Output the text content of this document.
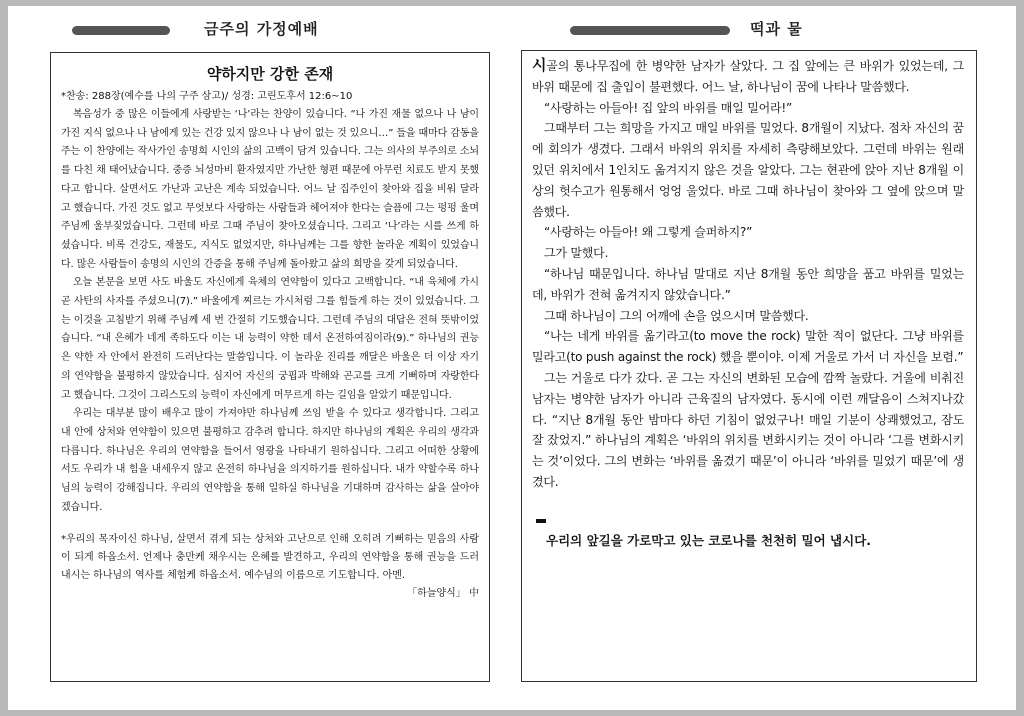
금주의 가정예배	떡과 물
약하지만 강한 존재
*찬송: 288장(예수를 나의 구주 삼고)/ 성경: 고린도후서 12:6~10

복음성가 중 많은 이들에게 사랑받는 ‘나’라는 찬양이 있습니다. “나 가진 재물 없으나 나 남이 가진 지식 없으나 나 남에게 있는 건강 있지 않으나 나 남이 없는 것 있으니…” 들을 때마다 감동을 주는 이 찬양에는 작사가인 송명희 시인의 삶의 고백이 담겨 있습니다. 그는 의사의 부주의로 소뇌를 다친 채 태어났습니다. 중증 뇌성마비 환자였지만 가난한 형편 때문에 아무런 치료도 받지 못했다고 합니다. 살면서도 가난과 고난은 계속 되었습니다. 어느 날 집주인이 찾아와 집을 비워 달라고 했습니다. 가진 것도 없고 무엇보다 사랑하는 사람들과 헤어져야 한다는 슬픔에 그는 펑펑 울며 주님께 울부짖었습니다. 그런데 바로 그때 주님이 찾아오셨습니다. 그리고 ‘나’라는 시를 쓰게 하셨습니다. 비록 건강도, 재물도, 지식도 없었지만, 하나님께는 그를 향한 놀라운 계획이 있었습니다. 많은 사람들이 송명의 시인의 간증을 통해 주님께 돌아왔고 삶의 희망을 갖게 되었습니다.

오늘 본문을 보면 사도 바울도 자신에게 육체의 연약함이 있다고 고백합니다. “내 육체에 가시 곧 사탄의 사자를 주셨으니(7).” 바울에게 찌르는 가시처럼 그를 힘들게 하는 것이 있었습니다. 그는 이것을 고침받기 위해 주님께 세 번 간절히 기도했습니다. 그런데 주님의 대답은 전혀 뜻밖이었습니다. “내 은혜가 네게 족하도다 이는 내 능력이 약한 데서 온전하여짐이라(9).” 하나님의 권능은 약한 자 안에서 완전히 드러난다는 말씀입니다. 이 놀라운 진리를 깨달은 바울은 더 이상 자기의 연약함을 불평하지 않았습니다. 심지어 자신의 궁핍과 박해와 곤고를 크게 기뻐하며 자랑한다고 했습니다. 그것이 그리스도의 능력이 자신에게 머무르게 하는 길임을 알았기 때문입니다.

우리는 대부분 많이 배우고 많이 가져야만 하나님께 쓰임 받을 수 있다고 생각합니다. 그리고 내 안에 상처와 연약함이 있으면 불평하고 감추려 합니다. 하지만 하나님의 계획은 우리의 생각과 다릅니다. 하나님은 우리의 연약함을 들어서 영광을 나타내기 원하십니다. 그리고 어떠한 상황에서도 우리가 내 힘을 내세우지 않고 온전히 하나님을 의지하기를 원하십니다. 내가 약할수록 하나님의 능력이 강해집니다. 우리의 연약함을 통해 일하실 하나님을 기대하며 감사하는 삶을 살아야겠습니다.

*우리의 목자이신 하나님, 살면서 겪게 되는 상처와 고난으로 인해 오히려 기뻐하는 믿음의 사람이 되게 하옵소서. 언제나 충만케 채우시는 은혜를 발견하고, 우리의 연약함을 통해 권능을 드러내시는 하나님의 역사를 체험케 하옵소서. 예수님의 이름으로 기도합니다. 아멘.
「하늘양식」 中

시골의 통나무집에 한 병약한 남자가 살았다. 그 집 앞에는 큰 바위가 있었는데, 그 바위 때문에 집 출입이 불편했다. 어느 날, 하나님이 꿈에 나타나 말씀했다.

“사랑하는 아들아! 집 앞의 바위를 매일 밀어라!”

그때부터 그는 희망을 가지고 매일 바위를 밀었다. 8개월이 지났다. 점차 자신의 꿈에 회의가 생겼다. 그래서 바위의 위치를 자세히 측량해보았다. 그런데 바위는 원래 있던 위치에서 1인치도 옮겨지지 않은 것을 알았다. 그는 현관에 앉아 지난 8개월 이상의 헛수고가 원통해서 엉엉 울었다. 바로 그때 하나님이 찾아와 그 옆에 앉으며 말씀했다.

“사랑하는 아들아! 왜 그렇게 슬퍼하지?”

그가 말했다.

“하나님 때문입니다. 하나님 말대로 지난 8개월 동안 희망을 품고 바위를 밀었는데, 바위가 전혀 옮겨지지 않았습니다.”

그때 하나님이 그의 어깨에 손을 얹으시며 말씀했다.

“나는 네게 바위를 옮기라고(to move the rock) 말한 적이 없단다. 그냥 바위를 밀라고(to push against the rock) 했을 뿐이야. 이제 거울로 가서 너 자신을 보렴.”

그는 거울로 다가 갔다. 곧 그는 자신의 변화된 모습에 깜짝 놀랐다. 거울에 비춰진 남자는 병약한 남자가 아니라 근육질의 남자였다. 동시에 이런 깨달음이 스쳐지나갔다. “지난 8개월 동안 밤마다 하던 기침이 없었구나! 매일 기분이 상쾌했었고, 잠도 잘 잤었지.” 하나님의 계획은 ‘바위의 위치를 변화시키는 것이 아니라 ‘그를 변화시키는 것’이었다. 그의 변화는 ‘바위를 옮겼기 때문’이 아니라 ‘바위를 밀었기 때문’에 생겼다.

우리의 앞길을 가로막고 있는 코로나를 천천히 밀어 냅시다.
